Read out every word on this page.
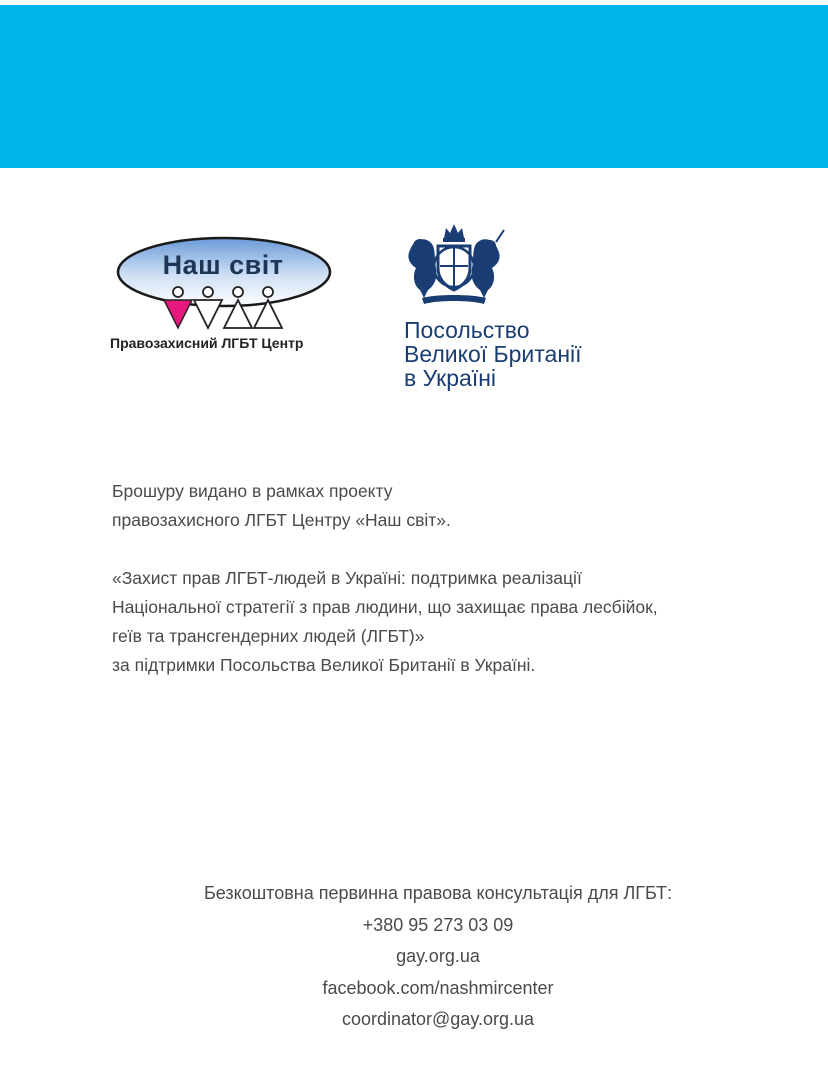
Наш світ
Правозахисний ЛГБТ Центр	Посольство
Великої Британії
в Україні
Брошуру видано в рамках проекту
правозахисного ЛГБТ Центру «Наш світ».
«Захист прав ЛГБТ-людей в Україні: подтримка реалізації
Національної стратегії з прав людини, що захищає права лесбійок,
геїв та трансгендерних людей (ЛГБТ)»
за підтримки Посольства Великої Британії в Україні.
Безкоштовна первинна правова консультація для ЛГБТ:
+380 95 273 03 09
gay.org.ua
facebook.com/nashmircenter
coordinator@gay.org.ua
